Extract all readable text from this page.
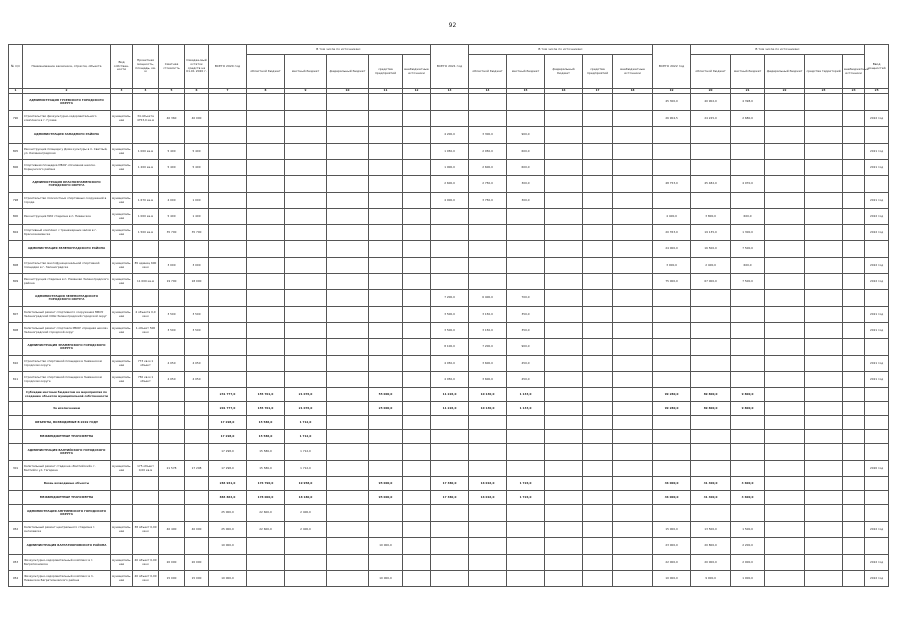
92
№ п/п	Наименование заказчика, отрасли, объекта	Вид собствен-ности	Проектная мощность, площадь, кв. м	Сметная стоимость	Ожидае-мый остаток средств на 01.01 2020 г.	ВСЕГО 2020 год	В том числе по источникам:					ВСЕГО 2021 год	В том числе по источникам:					ВСЕГО 2022 год	В том числе по источникам:					Ввод мощностей
							областной бюджет	местный бюджет	федеральный бюджет	средства предприятий	внебюджетные источники		областной бюджет	местный бюджет	федеральный бюджет	средства предприятий	внебюджетные источники		областной бюджет	местный бюджет	федеральный бюджет	средства территорий	внебюджетные источники	
1	2	3	4	5	6	7	8	9	10	11	12	13	14	15	16	17	18	19	20	21	22	23	24	25
	АДМИНИСТРАЦИЯ ГУСЕВСКОГО ГОРОДСКОГО ОКРУГА																	45 300,0	40 902,0	4 398,0				
790	Строительство физкультурно-оздоровительного комплекса в г. Гусеве	муниципаль-ная	34 объекта 4753,0 кв.м	40 360	40 000													26 904,5	24 225,0	2 680,0				2022 год
	АДМИНИСТРАЦИЯ ЗАПАДНОГО РАЙОНА											4 200,0	3 300,0	900,0										
805	Реконструкция площади у Дома культуры в п. Светлый, ул. Калининградская	муниципаль-ная	1 000 кв.м	5 400	5 400							1 050,0	2 050,0	600,0										2021 год
806	Спортивная площадка МБОУ «Основная школа» Коршунского района	муниципаль-ная	1 200 кв.м	5 400	5 400							1 900,0	2 600,0	600,0										2021 год
	АДМИНИСТРАЦИЯ КРАСНОЗНАМЕНСКОГО ГОРОДСКОГО ОКРУГА											2 600,0	2 750,0	300,0				48 753,0	45 482,0	4 970,0				
798	Строительство плоскостных спортивных сооружений в городе	муниципаль-ная	1 670 кв.м	4 000	1 000							4 000,0	3 750,0	300,0										2021 год
800	Реконструкция МАУ стадиона в п. Нивенское	муниципаль-ная	1 000 кв.м	5 400	1 400													4 400,0	3 800,0	600,0				2022 год
804	Спортивный комплекс с тренажерным залом в г. Краснознаменске	муниципаль-ная	1 500 кв.м	35 700	35 700													20 353,0	19 135,0	1 300,0				2022 год
	АДМИНИСТРАЦИЯ ЗЕЛЕНОГРАДСКОГО РАЙОНА																	24 000,0	16 500,0	7 500,0				
808	Строительство многофункциональной спортивной площадки в г. Зеленоградске	муниципаль-ная	85 единиц 600 кв.м	3 000	3 000													3 000,0	2 400,0	600,0				2022 год
809	Реконструкция стадиона в п. Романово Зеленоградского района	муниципаль-ная	11 000 кв.м	19 700	18 000													75 000,0	67 000,0	7 500,0				2022 год
	АДМИНИСТРАЦИЯ ЗЕЛЕНОГРАДСКОГО ГОРОДСКОГО ОКРУГА											7 200,0	6 400,0	700,0										
807	Капитальный ремонт спортивного сооружения МБОУ Зеленоградский СОШ Зеленоградский городской округ	муниципаль-ная	4 объекта 0,0 кв.м	3 500	3 500							3 500,0	3 150,0	350,0										2021 год
808	Капитальный ремонт спортзала МБОУ «Средняя школа» Зеленоградский городской округ	муниципаль-ная	1 объект 500 кв.м	3 500	3 500							3 500,0	3 150,0	350,0										2021 год
	АДМИНИСТРАЦИЯ ЗНАМЕНСКОГО ГОРОДСКОГО ОКРУГА											8 100,0	7 200,0	900,0										
810	Строительство спортивной площадки в Знаменском городском округе	муниципаль-ная	773 кв.м 1 объект	4 050	4 050							4 050,0	3 600,0	450,0										2021 год
811	Строительство спортивной площадки в Знаменском городском округе	муниципаль-ная	750 кв.м 1 объект	4 050	4 050							4 050,0	3 600,0	450,0										2021 год
	Субсидии местным бюджетам на мероприятия по созданию объектов муниципальной собственности					231 777,0	155 701,0	21 076,0		55 000,0		11 226,0	10 130,0	1 133,0				99 280,0	89 800,0	9 800,0				
	За исключением					201 777,0	155 701,0	21 076,0		25 000,0		11 226,0	10 130,0	1 133,0				99 280,0	89 800,0	9 800,0				
	ОБЪЕКТЫ, ВОЗВОДИМЫЕ В 2019 ГОДУ					17 298,0	15 586,0	1 712,0																
	МЕЖБЮДЖЕТНЫЕ ТРАНСФЕРТЫ					17 298,0	15 586,0	1 712,0																
	АДМИНИСТРАЦИЯ БАЛТИЙСКОГО ГОРОДСКОГО ОКРУГА					17 298,0	15 586,0	1 712,0																
301	Капитальный ремонт стадиона «Балтийский» г. Балтийск ул. Гагарина	муниципаль-ная	175 объект 0,00 кв.м	21 578	17 298	17 298,0	15 586,0	1 712,0																2020 год
	Вновь возводимые объекты					284 941,0	176 790,0	19 958,0		95 000,0		17 380,0	16 016,0	1 726,0				46 000,0	41 400,0	4 600,0				
	МЕЖБЮДЖЕТНЫЕ ТРАНСФЕРТЫ					884 864,0	178 000,0	18 180,0		95 000,0		17 380,0	16 016,0	1 726,0				46 000,0	41 400,0	4 600,0				
	АДМИНИСТРАЦИЯ АНГЕЛЕВСКОГО ГОРОДСКОГО ОКРУГА					25 000,0	22 600,0	2 400,0																
952	Капитальный ремонт центрального стадиона г. Ангелевска	муниципаль-ная	38 объект 0,00 кв.м	40 400	40 000	25 000,0	22 600,0	2 400,0										15 000,0	13 500,0	1 500,0				2022 год
	АДМИНИСТРАЦИЯ БАГРАТИОНОВСКОГО РАЙОНА					10 000,0				10 000,0								23 000,0	20 800,0	2 200,0				
953	Физкультурно-оздоровительный комплекс в г. Багратионовске	муниципаль-ная	40 объект 0,00 кв.м	20 000	20 000													22 000,0	20 000,0	2 000,0				2022 год
954	Физкультурно-оздоровительный комплекс в п. Нивенское Багратионовского района	муниципаль-ная	40 объект 0,00 кв.м	15 000	15 000	10 000,0				10 000,0								10 000,0	9 000,0	1 000,0				2022 год
